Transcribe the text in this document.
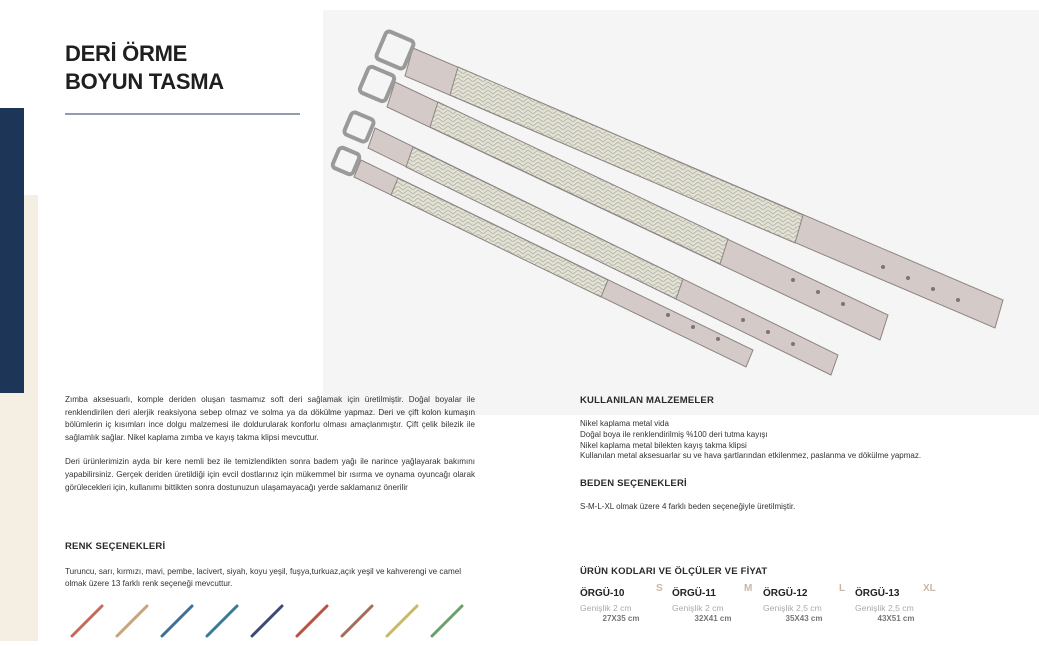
DERİ ÖRME
BOYUN TASMA

Zımba aksesuarlı, komple deriden oluşan tasmamız soft deri sağlamak için üretilmiştir. Doğal boyalar ile renklendirilen deri alerjik reaksiyona sebep olmaz ve solma ya da dökülme yapmaz. Deri ve çift kolon kumaşın bölümlerin iç kısımları ince dolgu malzemesi ile doldurularak konforlu olması amaçlanmıştır. Çift çelik bilezik ile sağlamlık sağlar. Nikel kaplama zımba ve kayış takma klipsi mevcuttur.

Deri ürünlerimizin ayda bir kere nemli bez ile temizlendikten sonra badem yağı ile narince yağlayarak bakımını yapabilirsiniz. Gerçek deriden üretildiği için evcil dostlarınız için mükemmel bir ısırma ve oynama oyuncağı olarak görülecekleri için, kullanımı bittikten sonra dostunuzun ulaşamayacağı yerde saklamanız önerilir

RENK SEÇENEKLERİ
Turuncu, sarı, kırmızı, mavi, pembe, lacivert, siyah, koyu yeşil, fuşya,turkuaz,açık yeşil ve kahverengi ve camel olmak üzere 13 farklı renk seçeneği mevcuttur.
KULLANILAN MALZEMELER
Nikel kaplama metal vida
Doğal boya ile renklendirilmiş %100 deri tutma kayışı
Nikel kaplama metal bilekten kayış takma klipsi
Kullanılan metal aksesuarlar su ve hava şartlarından etkilenmez, paslanma ve dökülme yapmaz.
BEDEN SEÇENEKLERİ
S-M-L-XL olmak üzere 4 farklı beden seçeneğiyle üretilmiştir.
ÜRÜN KODLARI VE ÖLÇÜLER VE FİYAT
ÖRGÜ-10	S
Genişlik 2 cm
27X35 cm
ÖRGÜ-11	M
Genişlik 2 cm
32X41 cm
ÖRGÜ-12	L
Genişlik 2,5 cm
35X43 cm
ÖRGÜ-13 XL
Genişlik 2,5 cm
43X51 cm
